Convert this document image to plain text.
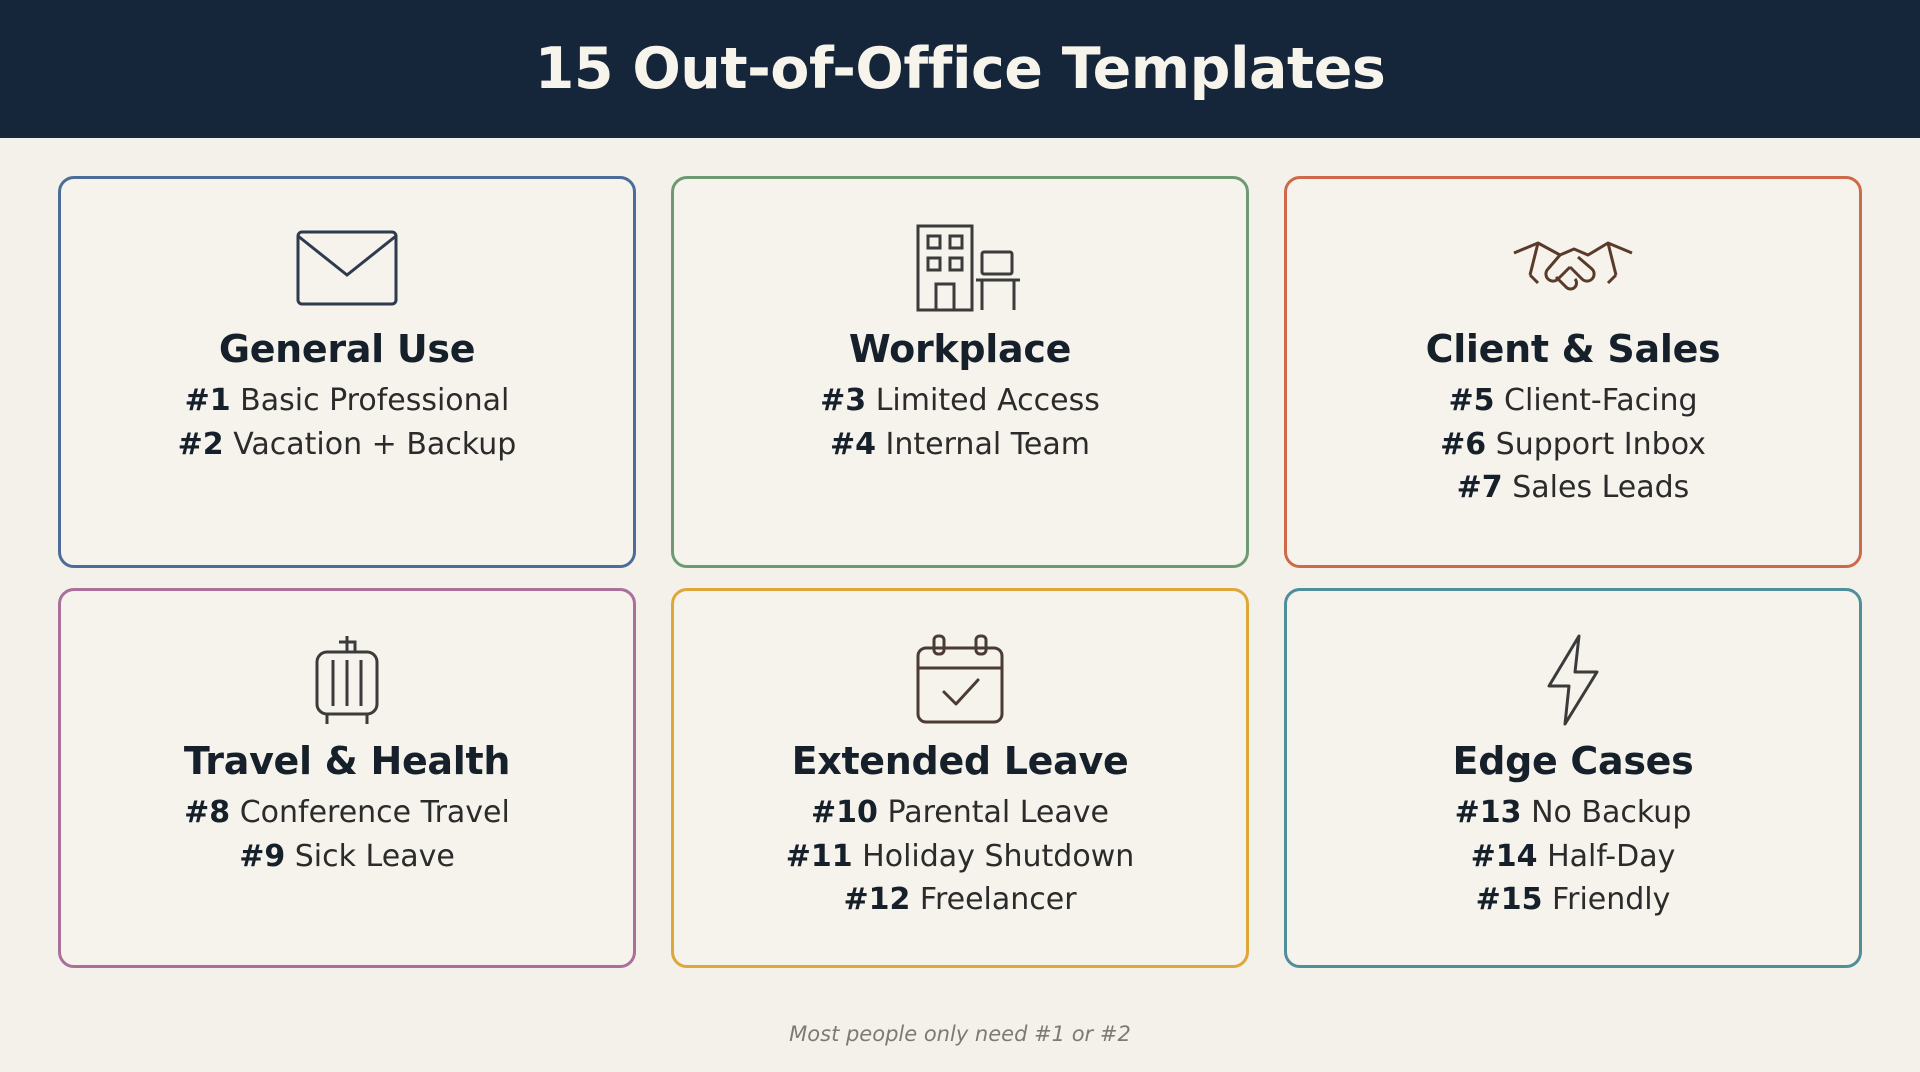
15 Out-of-Office Templates
General Use
#1 Basic Professional
#2 Vacation + Backup
Workplace
#3 Limited Access
#4 Internal Team
Client & Sales
#5 Client-Facing
#6 Support Inbox
#7 Sales Leads
Travel & Health
#8 Conference Travel
#9 Sick Leave
Extended Leave
#10 Parental Leave
#11 Holiday Shutdown
#12 Freelancer
Edge Cases
#13 No Backup
#14 Half-Day
#15 Friendly
Most people only need #1 or #2
